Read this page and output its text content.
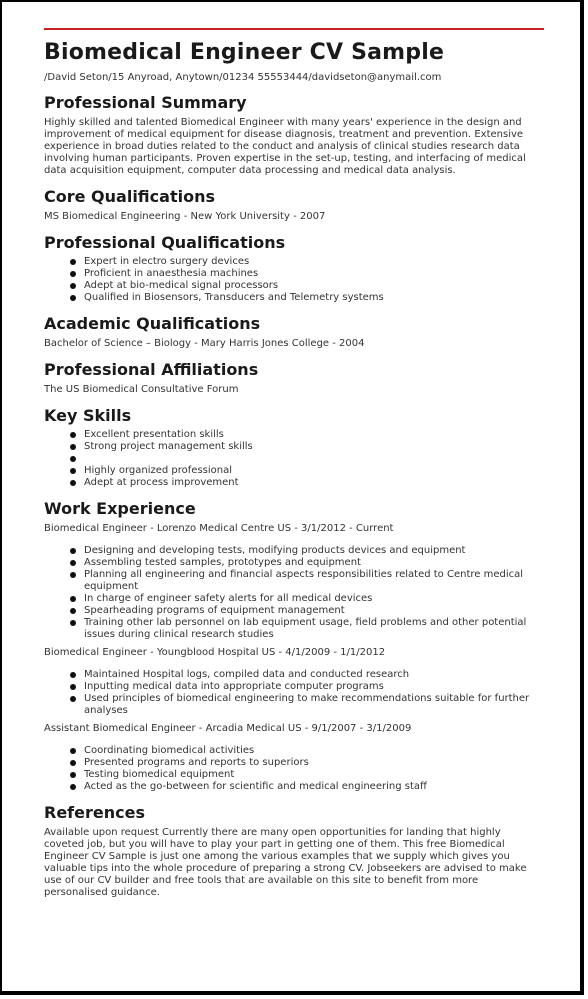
Biomedical Engineer CV Sample
/David Seton/15 Anyroad, Anytown/01234 55553444/davidseton@anymail.com
Professional Summary

Highly skilled and talented Biomedical Engineer with many years' experience in the design and improvement of medical equipment for disease diagnosis, treatment and prevention. Extensive experience in broad duties related to the conduct and analysis of clinical studies research data involving human participants. Proven expertise in the set-up, testing, and interfacing of medical data acquisition equipment, computer data processing and medical data analysis.

Core Qualifications

MS Biomedical Engineering - New York University - 2007

Professional Qualifications
Expert in electro surgery devices
Proficient in anaesthesia machines
Adept at bio-medical signal processors
Qualified in Biosensors, Transducers and Telemetry systems
Academic Qualifications

Bachelor of Science – Biology - Mary Harris Jones College - 2004

Professional Affiliations

The US Biomedical Consultative Forum

Key Skills
Excellent presentation skills
Strong project management skills
Highly organized professional
Adept at process improvement
Work Experience

Biomedical Engineer - Lorenzo Medical Centre US - 3/1/2012 - Current

Designing and developing tests, modifying products devices and equipment
Assembling tested samples, prototypes and equipment
Planning all engineering and financial aspects responsibilities related to Centre medical equipment
In charge of engineer safety alerts for all medical devices
Spearheading programs of equipment management
Training other lab personnel on lab equipment usage, field problems and other potential issues during clinical research studies

Biomedical Engineer - Youngblood Hospital US - 4/1/2009 - 1/1/2012

Maintained Hospital logs, compiled data and conducted research
Inputting medical data into appropriate computer programs
Used principles of biomedical engineering to make recommendations suitable for further analyses

Assistant Biomedical Engineer - Arcadia Medical US - 9/1/2007 - 3/1/2009

Coordinating biomedical activities
Presented programs and reports to superiors
Testing biomedical equipment
Acted as the go-between for scientific and medical engineering staff
References

Available upon request Currently there are many open opportunities for landing that highly coveted job, but you will have to play your part in getting one of them. This free Biomedical Engineer CV Sample is just one among the various examples that we supply which gives you valuable tips into the whole procedure of preparing a strong CV. Jobseekers are advised to make use of our CV builder and free tools that are available on this site to benefit from more personalised guidance.
